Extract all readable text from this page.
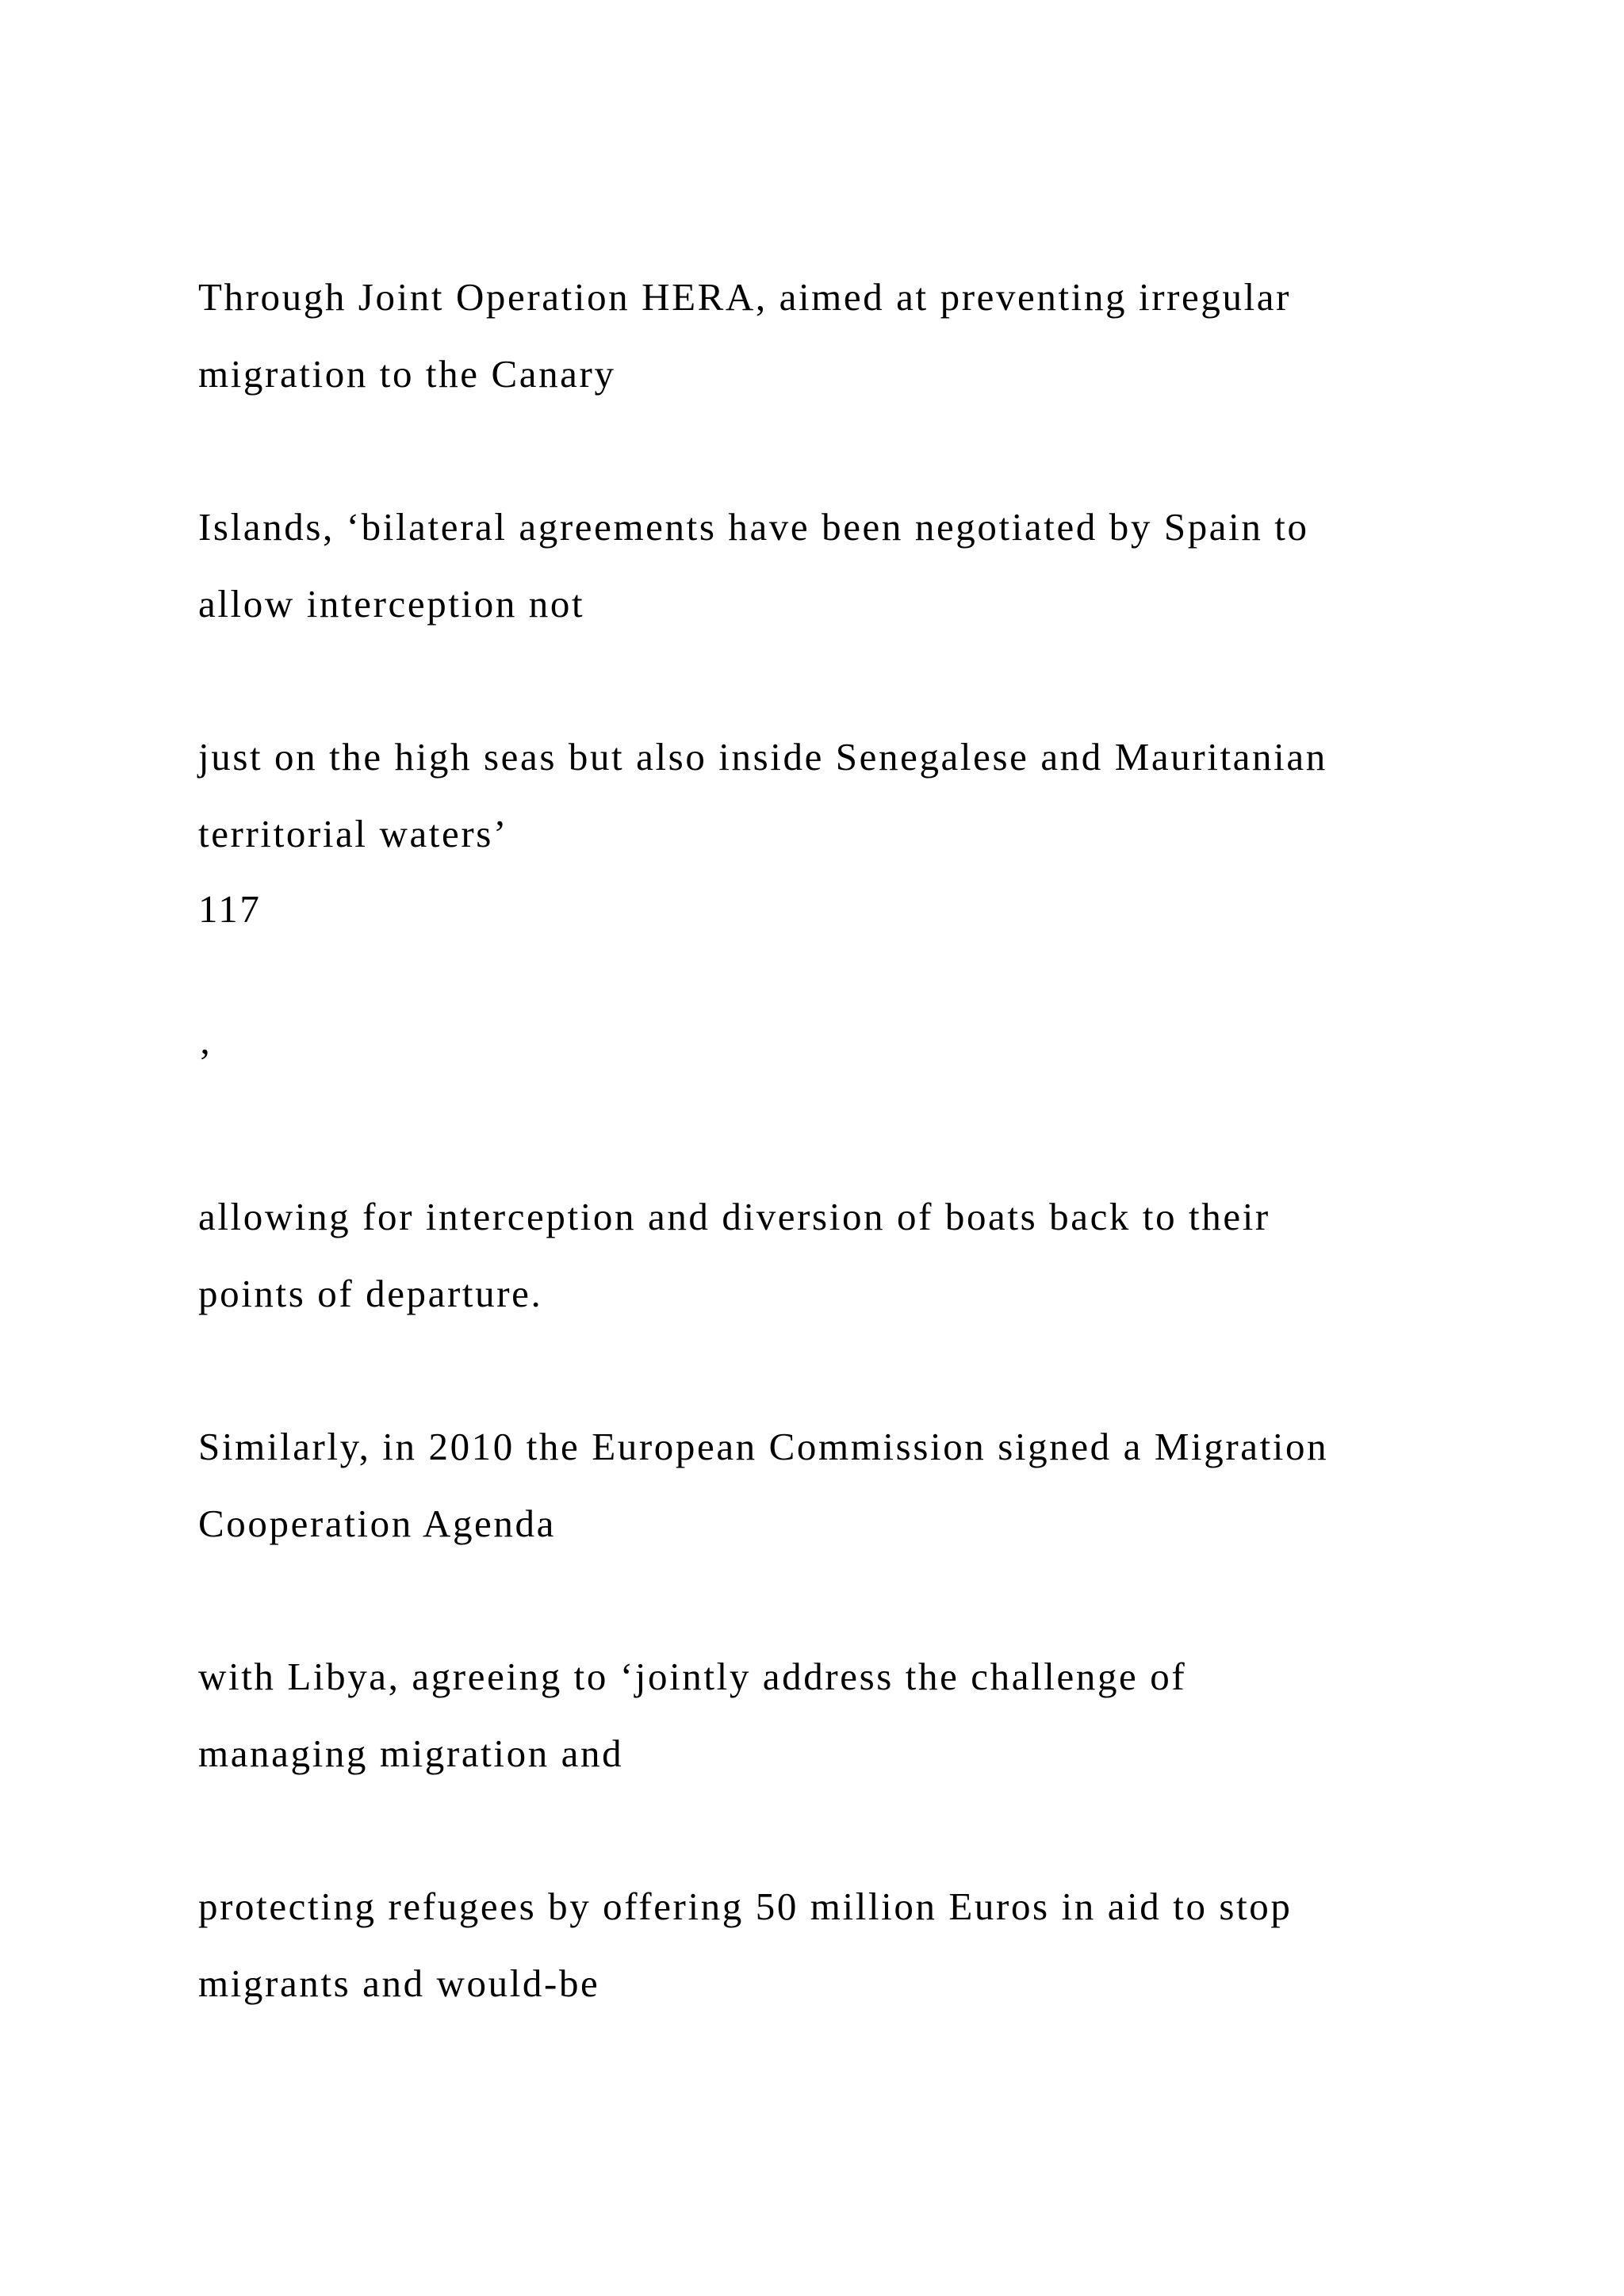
Through Joint Operation HERA, aimed at preventing irregular

migration to the Canary

Islands, ‘bilateral agreements have been negotiated by Spain to

allow interception not

just on the high seas but also inside Senegalese and Mauritanian

territorial waters’

117

’

allowing for interception and diversion of boats back to their

points of departure.

Similarly, in 2010 the European Commission signed a Migration

Cooperation Agenda

with Libya, agreeing to ‘jointly address the challenge of

managing migration and

protecting refugees by offering 50 million Euros in aid to stop

migrants and would-be
